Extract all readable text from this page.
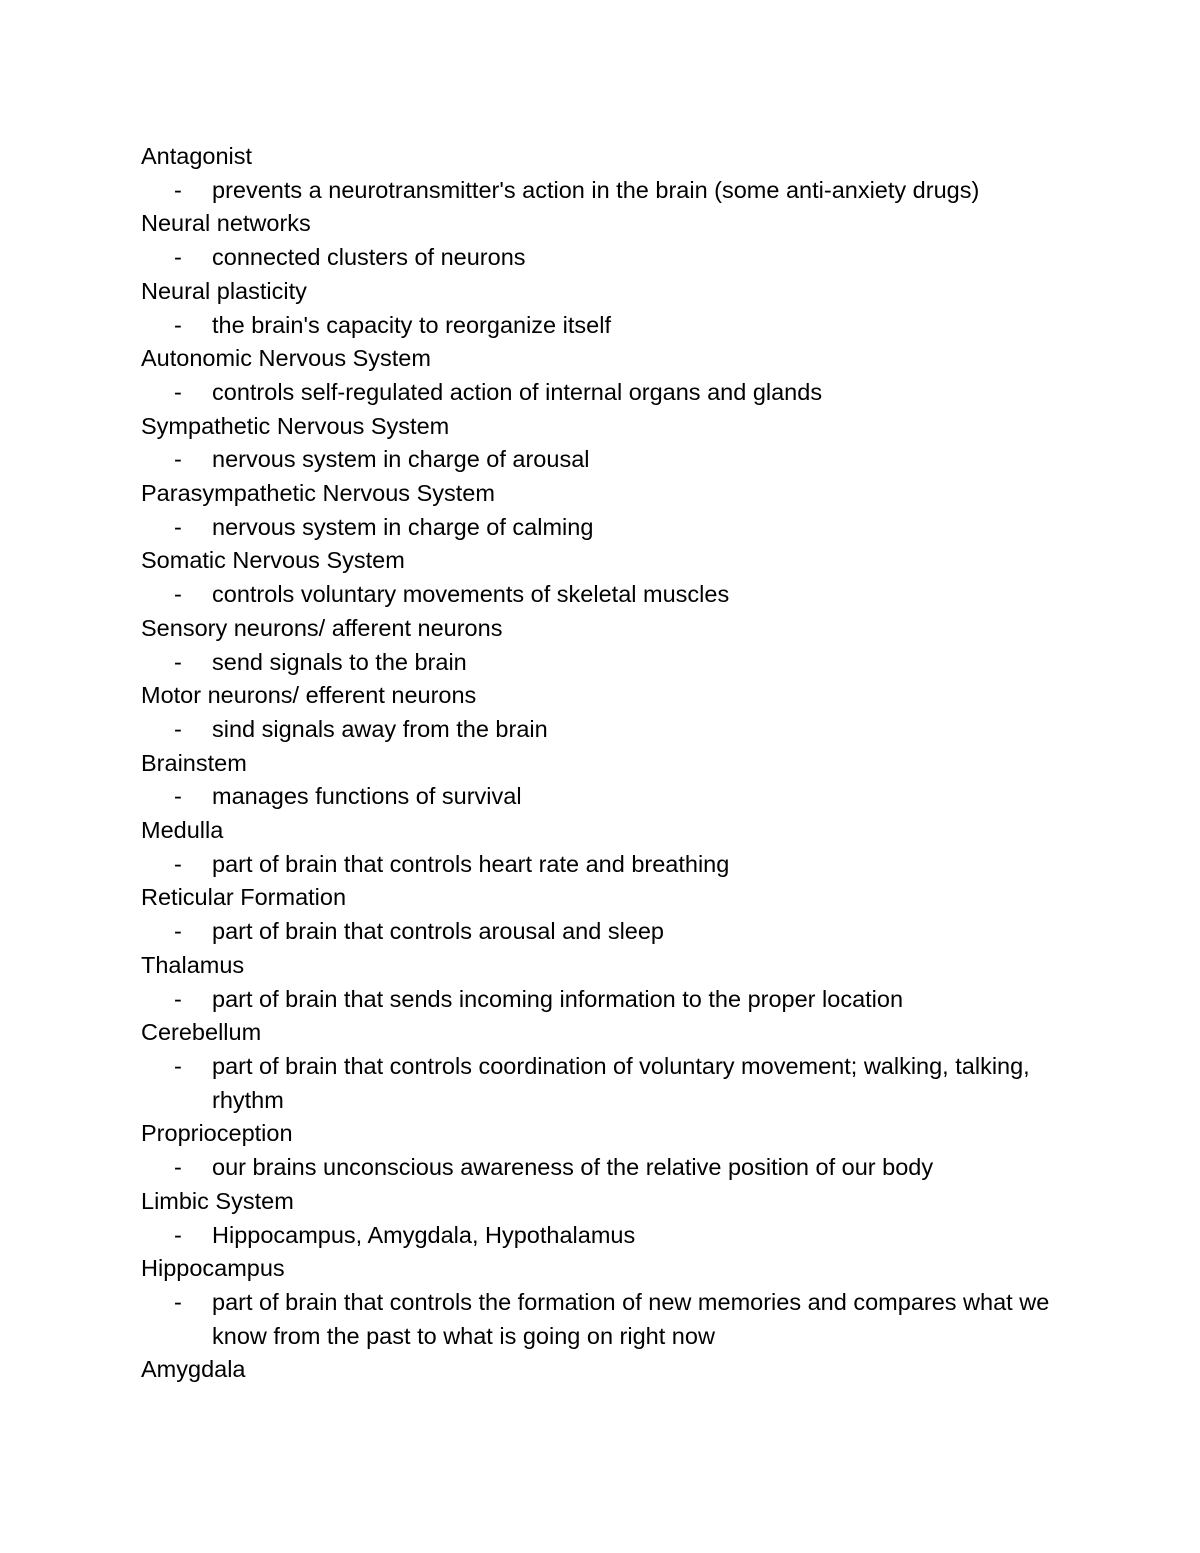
Antagonist
- prevents a neurotransmitter's action in the brain (some anti-anxiety drugs)
Neural networks
- connected clusters of neurons
Neural plasticity
- the brain's capacity to reorganize itself
Autonomic Nervous System
- controls self-regulated action of internal organs and glands
Sympathetic Nervous System
- nervous system in charge of arousal
Parasympathetic Nervous System
- nervous system in charge of calming
Somatic Nervous System
- controls voluntary movements of skeletal muscles
Sensory neurons/ afferent neurons
- send signals to the brain
Motor neurons/ efferent neurons
- sind signals away from the brain
Brainstem
- manages functions of survival
Medulla
- part of brain that controls heart rate and breathing
Reticular Formation
- part of brain that controls arousal and sleep
Thalamus
- part of brain that sends incoming information to the proper location
Cerebellum
- part of brain that controls coordination of voluntary movement; walking, talking, rhythm
Proprioception
- our brains unconscious awareness of the relative position of our body
Limbic System
- Hippocampus, Amygdala, Hypothalamus
Hippocampus
- part of brain that controls the formation of new memories and compares what we know from the past to what is going on right now
Amygdala
